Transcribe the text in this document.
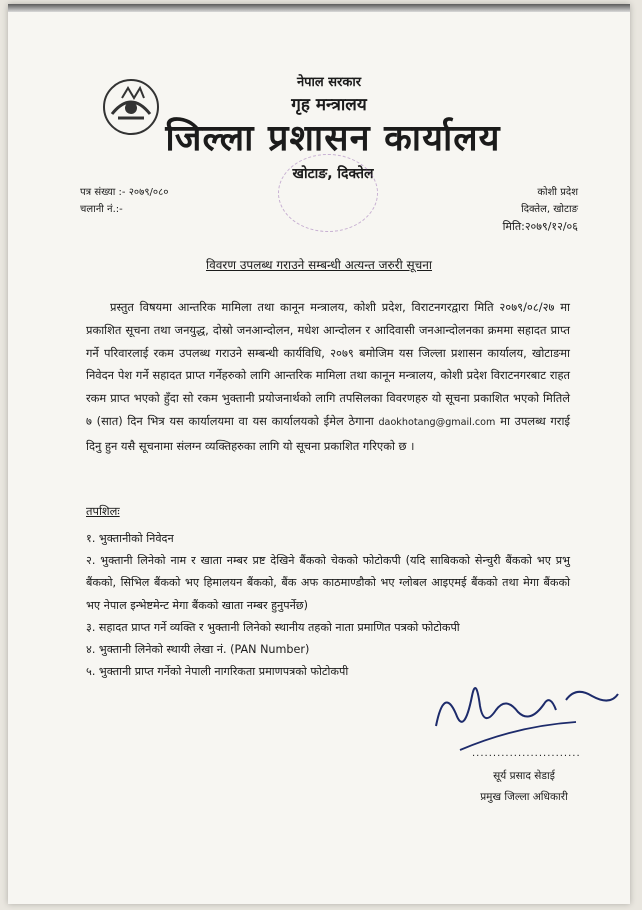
नेपाल सरकार
गृह मन्त्रालय
जिल्ला प्रशासन कार्यालय
खोटाङ, दिक्तेल
पत्र संख्या :- २०७९/०८०
चलानी नं.:-
कोशी प्रदेश
दिक्तेल, खोटाङ
मिति:२०७९/१२/०६
विवरण उपलब्ध गराउने सम्बन्धी अत्यन्त जरुरी सूचना
प्रस्तुत विषयमा आन्तरिक मामिला तथा कानून मन्त्रालय, कोशी प्रदेश, विराटनगरद्वारा मिति २०७९/०८/२७ मा प्रकाशित सूचना तथा जनयुद्ध, दोस्रो जनआन्दोलन, मधेश आन्दोलन र आदिवासी जनआन्दोलनका क्रममा सहादत प्राप्त गर्ने परिवारलाई रकम उपलब्ध गराउने सम्बन्धी कार्यविधि, २०७९ बमोजिम यस जिल्ला प्रशासन कार्यालय, खोटाङमा निवेदन पेश गर्ने सहादत प्राप्त गर्नेहरुको लागि आन्तरिक मामिला तथा कानून मन्त्रालय, कोशी प्रदेश विराटनगरबाट राहत रकम प्राप्त भएको हुँदा सो रकम भुक्तानी प्रयोजनार्थको लागि तपसिलका विवरणहरु यो सूचना प्रकाशित भएको मितिले ७ (सात) दिन भित्र यस कार्यालयमा वा यस कार्यालयको ईमेल ठेगाना daokhotang@gmail.com मा उपलब्ध गराई दिनु हुन यसै सूचनामा संलग्न व्यक्तिहरुका लागि यो सूचना प्रकाशित गरिएको छ ।
तपशिलः
१. भुक्तानीको निवेदन
२. भुक्तानी लिनेको नाम र खाता नम्बर प्रष्ट देखिने बैंकको चेकको फोटोकपी (यदि साबिकको सेन्चुरी बैंकको भए प्रभु बैंकको, सिभिल बैंकको भए हिमालयन बैंकको, बैंक अफ काठमाण्डौको भए ग्लोबल आइएमई बैंकको तथा मेगा बैंकको भए नेपाल इन्भेष्टमेन्ट मेगा बैंकको खाता नम्बर हुनुपर्नेछ)
३. सहादत प्राप्त गर्ने व्यक्ति र भुक्तानी लिनेको स्थानीय तहको नाता प्रमाणित पत्रको फोटोकपी
४. भुक्तानी लिनेको स्थायी लेखा नं. (PAN Number)
५. भुक्तानी प्राप्त गर्नेको नेपाली नागरिकता प्रमाणपत्रको फोटोकपी
..........................
सूर्य प्रसाद सेडाई
प्रमुख जिल्ला अधिकारी
